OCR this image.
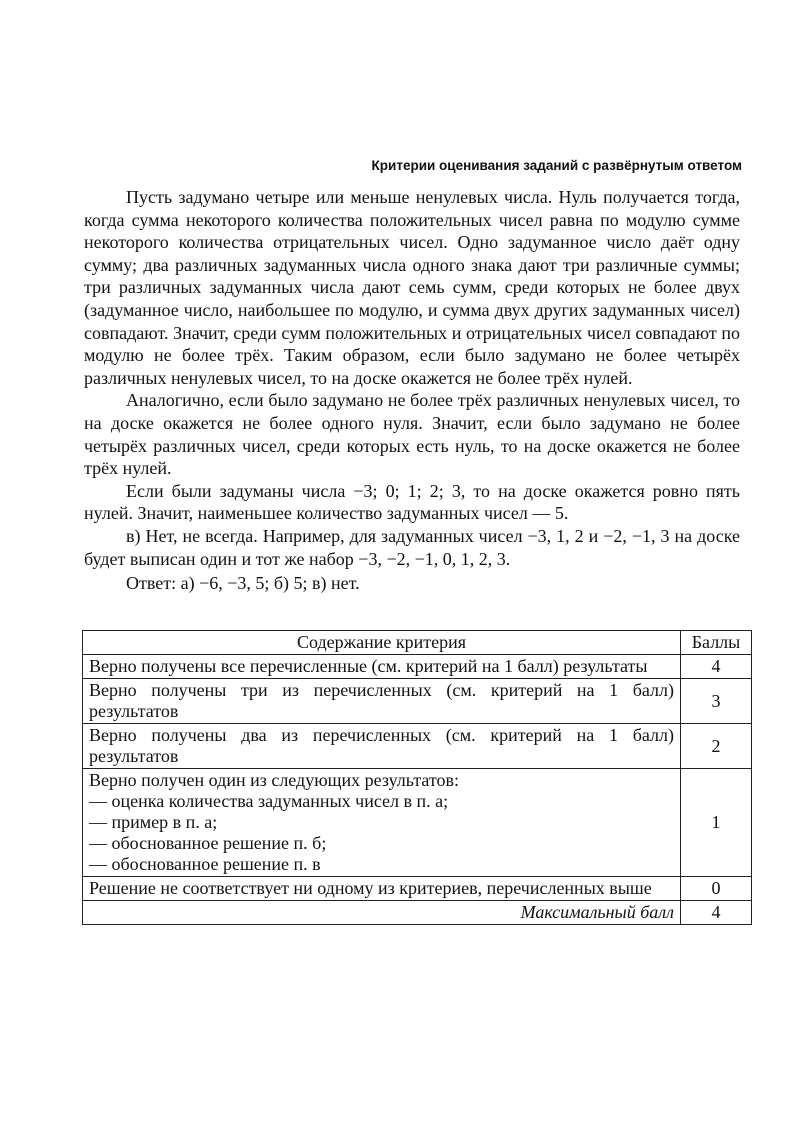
Критерии оценивания заданий с развёрнутым ответом

Пусть задумано четыре или меньше ненулевых числа. Нуль получается тогда, когда сумма некоторого количества положительных чисел равна по модулю сумме некоторого количества отрицательных чисел. Одно задуманное число даёт одну сумму; два различных задуманных числа одного знака дают три различные суммы; три различных задуманных числа дают семь сумм, среди которых не более двух (задуманное число, наибольшее по модулю, и сумма двух других задуманных чисел) совпадают. Значит, среди сумм положительных и отрицательных чисел совпадают по модулю не более трёх. Таким образом, если было задумано не более четырёх различных ненулевых чисел, то на доске окажется не более трёх нулей.

Аналогично, если было задумано не более трёх различных ненулевых чисел, то на доске окажется не более одного нуля. Значит, если было задумано не более четырёх различных чисел, среди которых есть нуль, то на доске окажется не более трёх нулей.

Если были задуманы числа −3; 0; 1; 2; 3, то на доске окажется ровно пять нулей. Значит, наименьшее количество задуманных чисел — 5.

в) Нет, не всегда. Например, для задуманных чисел −3, 1, 2 и −2, −1, 3 на доске будет выписан один и тот же набор −3, −2, −1, 0, 1, 2, 3.

Ответ: а) −6, −3, 5; б) 5; в) нет.

Содержание критерия	Баллы
Верно получены все перечисленные (см. критерий на 1 балл) результаты	4
Верно получены три из перечисленных (см. критерий на 1 балл) результатов	3
Верно получены два из перечисленных (см. критерий на 1 балл) результатов	2

Верно получен один из следующих результатов:
— оценка количества задуманных чисел в п. а;
— пример в п. а;
— обоснованное решение п. б;
— обоснованное решение п. в	1
Решение не соответствует ни одному из критериев, перечисленных выше	0
Максимальный балл	4
